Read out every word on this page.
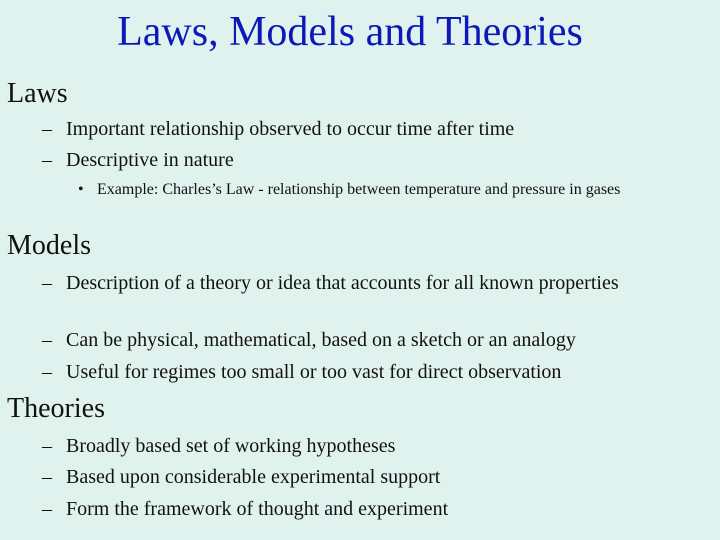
Laws, Models and Theories
Laws
– Important relationship observed to occur time after time
– Descriptive in nature
• Example: Charles’s Law - relationship between temperature and pressure in gases
Models
– Description of a theory or idea that accounts for all known properties
– Can be physical, mathematical, based on a sketch or an analogy
– Useful for regimes too small or too vast for direct observation
Theories
– Broadly based set of working hypotheses
– Based upon considerable experimental support
– Form the framework of thought and experiment
